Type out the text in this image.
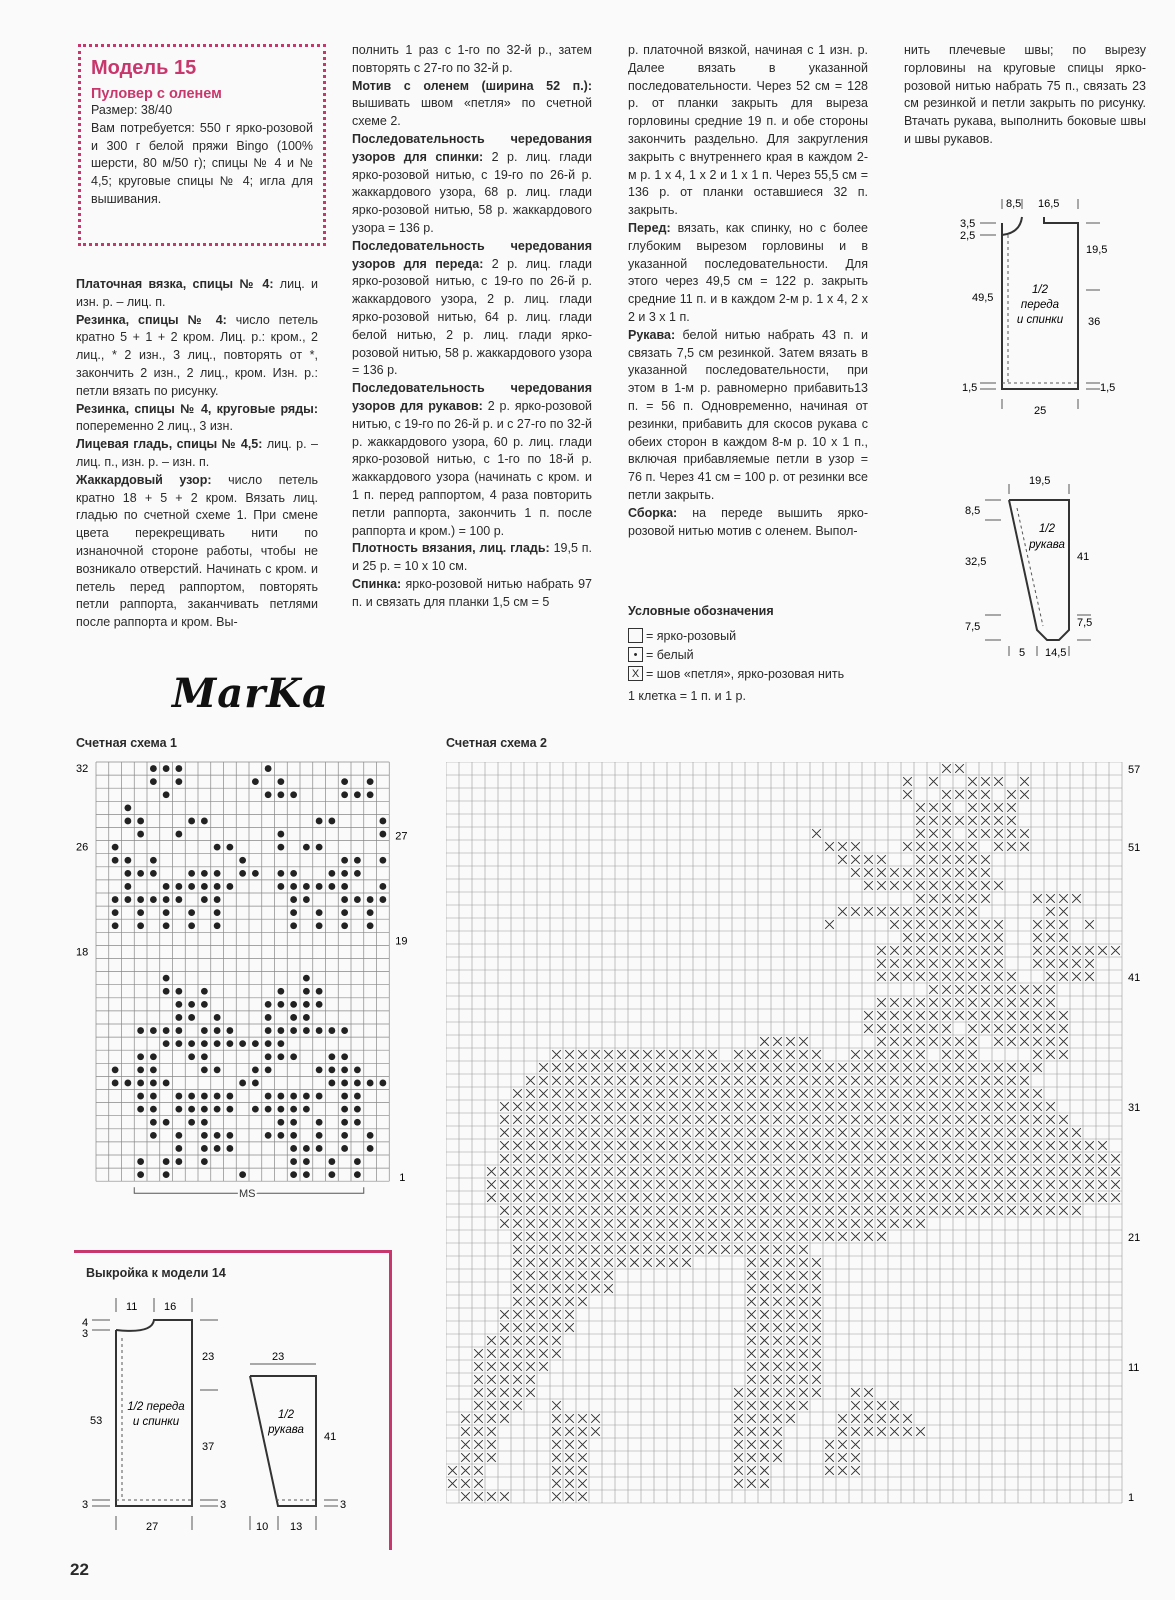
Модель 15
Пуловер с оленем
Размер: 38/40
Вам потребуется: 550 г ярко-розовой и 300 г белой пряжи Bingo (100% шерсти, 80 м/50 г); спицы № 4 и № 4,5; круговые спицы № 4; игла для вышивания.

Платочная вязка, спицы № 4: лиц. и изн. р. – лиц. п.

Резинка, спицы № 4: число петель кратно 5 + 1 + 2 кром. Лиц. р.: кром., 2 лиц., * 2 изн., 3 лиц., повторять от *, закончить 2 изн., 2 лиц., кром. Изн. р.: петли вязать по рисунку.

Резинка, спицы № 4, круговые ряды: попеременно 2 лиц., 3 изн.

Лицевая гладь, спицы № 4,5: лиц. р. – лиц. п., изн. р. – изн. п.

Жаккардовый узор: число петель кратно 18 + 5 + 2 кром. Вязать лиц. гладью по счетной схеме 1. При смене цвета перекрещивать нити по изнаночной стороне работы, чтобы не возникало отверстий. Начинать с кром. и петель перед раппортом, повторять петли раппорта, заканчивать петлями после раппорта и кром. Вы-

полнить 1 раз с 1-го по 32-й р., затем повторять с 27-го по 32-й р.

Мотив с оленем (ширина 52 п.): вышивать швом «петля» по счетной схеме 2.

Последовательность чередования узоров для спинки: 2 р. лиц. глади ярко-розовой нитью, с 19-го по 26-й р. жаккардового узора, 68 р. лиц. глади ярко-розовой нитью, 58 р. жаккардового узора = 136 р.

Последовательность чередования узоров для переда: 2 р. лиц. глади ярко-розовой нитью, с 19-го по 26-й р. жаккардового узора, 2 р. лиц. глади ярко-розовой нитью, 64 р. лиц. глади белой нитью, 2 р. лиц. глади ярко-розовой нитью, 58 р. жаккардового узора = 136 р.

Последовательность чередования узоров для рукавов: 2 р. ярко-розовой нитью, с 19-го по 26-й р. и с 27-го по 32-й р. жаккардового узора, 60 р. лиц. глади ярко-розовой нитью, с 1-го по 18-й р. жаккардового узора (начинать с кром. и 1 п. перед раппортом, 4 раза повторить петли раппорта, закончить 1 п. после раппорта и кром.) = 100 р.

Плотность вязания, лиц. гладь: 19,5 п. и 25 р. = 10 х 10 см.

Спинка: ярко-розовой нитью набрать 97 п. и связать для планки 1,5 см = 5

р. платочной вязкой, начиная с 1 изн. р. Далее вязать в указанной последовательности. Через 52 см = 128 р. от планки закрыть для выреза горловины средние 19 п. и обе стороны закончить раздельно. Для закругления закрыть с внутреннего края в каждом 2-м р. 1 х 4, 1 х 2 и 1 х 1 п. Через 55,5 см = 136 р. от планки оставшиеся 32 п. закрыть.

Перед: вязать, как спинку, но с более глубоким вырезом горловины и в указанной последовательности. Для этого через 49,5 см = 122 р. закрыть средние 11 п. и в каждом 2-м р. 1 х 4, 2 х 2 и 3 х 1 п.

Рукава: белой нитью набрать 43 п. и связать 7,5 см резинкой. Затем вязать в указанной последовательности, при этом в 1-м р. равномерно прибавить13 п. = 56 п. Одновременно, начиная от резинки, прибавить для скосов рукава с обеих сторон в каждом 8-м р. 10 х 1 п., включая прибавляемые петли в узор = 76 п. Через 41 см = 100 р. от резинки все петли закрыть.

Сборка: на переде вышить ярко-розовой нитью мотив с оленем. Выпол-

нить плечевые швы; по вырезу горловины на круговые спицы ярко-розовой нитью набрать 75 п., связать 23 см резинкой и петли закрыть по рисунку. Втачать рукава, выполнить боковые швы и швы рукавов.
Условные обозначения
= ярко-розовый
• = белый
X = шов «петля», ярко-розовая нить
1 клетка = 1 п. и 1 р.
MarKa
Счетная схема 1	Счетная схема 2
32
26
18
27
19
1
MS
57
51
41
31
21
11
1
8,5 16,5
3,5
2,5
19,5
49,5
36
1/2
переда
и спинки
1,5	1,5
25
19,5
8,5
32,5	41
1/2
рукава
7,5	7,5
5 14,5
Выкройка к модели 14
11 16
4
3
23
53
37
1/2 переда
и спинки
3	3
27
23
1/2
рукава
41
3
10 13
22
